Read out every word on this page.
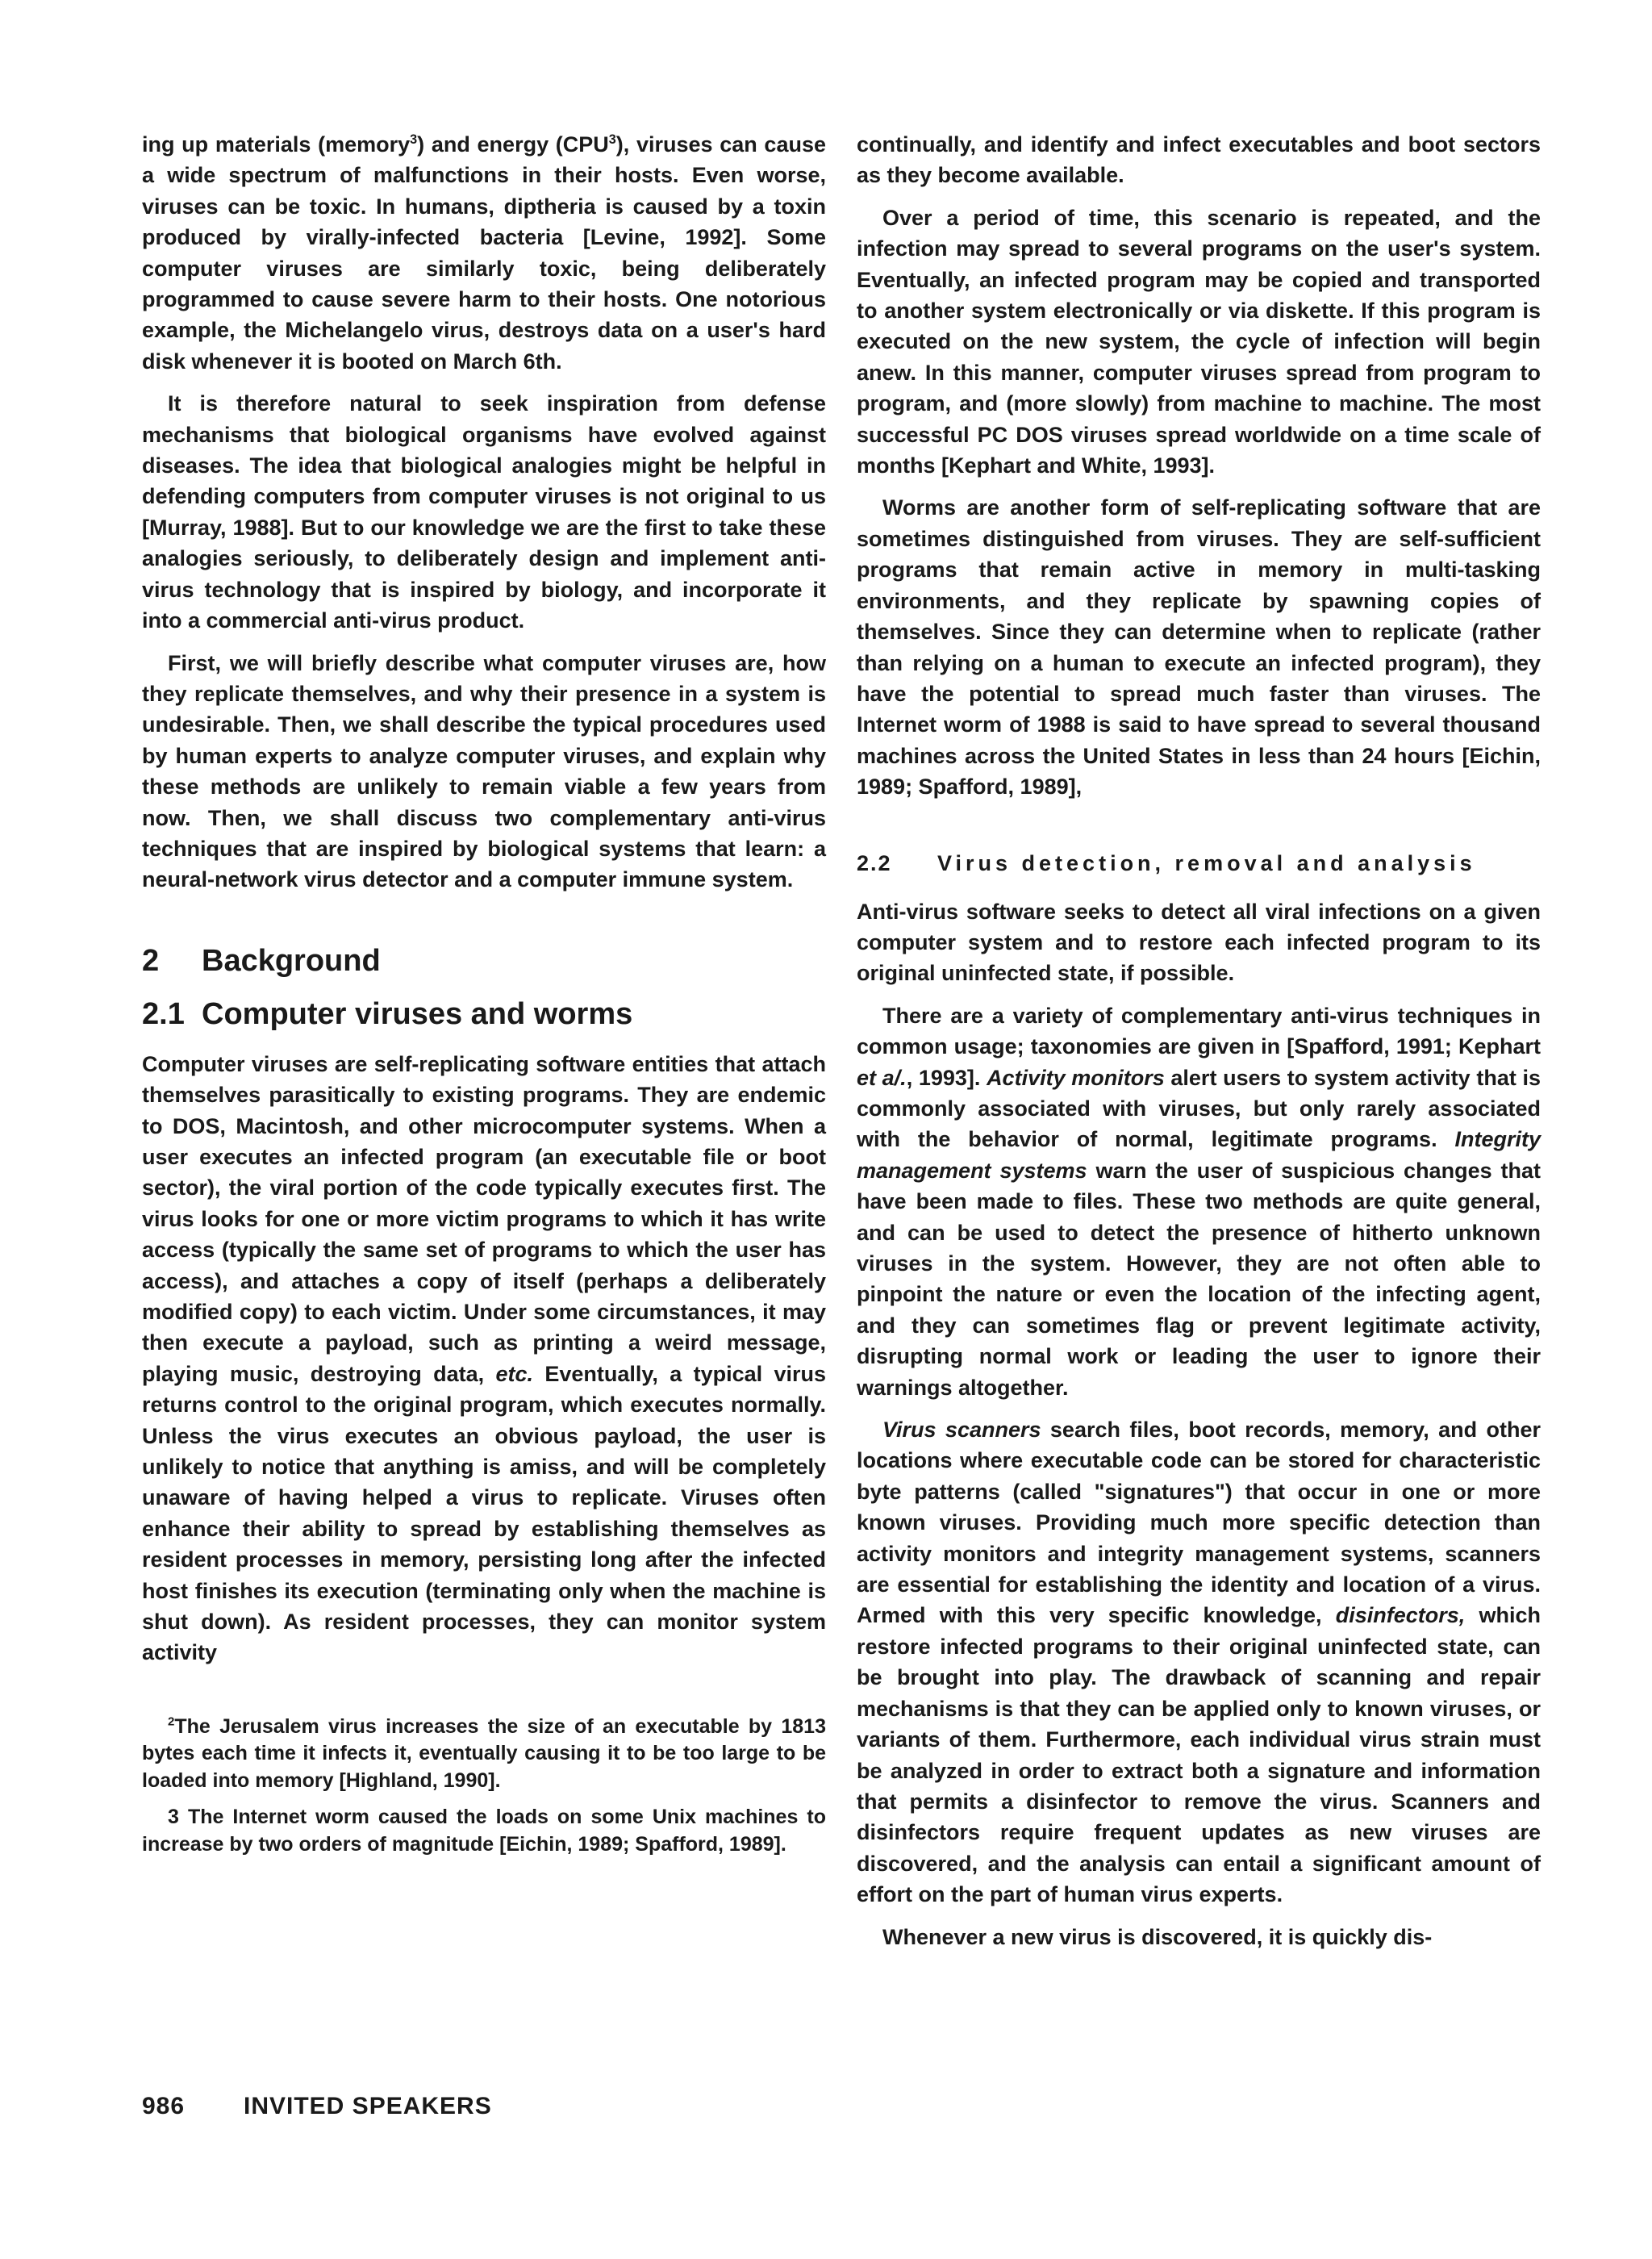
ing up materials (memory$^3$) and energy (CPU$^3$), viruses can cause a wide spectrum of malfunctions in their hosts. Even worse, viruses can be toxic. In humans, diptheria is caused by a toxin produced by virally-infected bacteria [Levine, 1992]. Some computer viruses are similarly toxic, being deliberately programmed to cause severe harm to their hosts. One notorious example, the Michelangelo virus, destroys data on a user's hard disk whenever it is booted on March 6th.

It is therefore natural to seek inspiration from defense mechanisms that biological organisms have evolved against diseases. The idea that biological analogies might be helpful in defending computers from computer viruses is not original to us [Murray, 1988]. But to our knowledge we are the first to take these analogies seriously, to deliberately design and implement anti-virus technology that is inspired by biology, and incorporate it into a commercial anti-virus product.

First, we will briefly describe what computer viruses are, how they replicate themselves, and why their presence in a system is undesirable. Then, we shall describe the typical procedures used by human experts to analyze computer viruses, and explain why these methods are unlikely to remain viable a few years from now. Then, we shall discuss two complementary anti-virus techniques that are inspired by biological systems that learn: a neural-network virus detector and a computer immune system.

2 Background
2.1 Computer viruses and worms

Computer viruses are self-replicating software entities that attach themselves parasitically to existing programs. They are endemic to DOS, Macintosh, and other microcomputer systems. When a user executes an infected program (an executable file or boot sector), the viral portion of the code typically executes first. The virus looks for one or more victim programs to which it has write access (typically the same set of programs to which the user has access), and attaches a copy of itself (perhaps a deliberately modified copy) to each victim. Under some circumstances, it may then execute a payload, such as printing a weird message, playing music, destroying data, etc. Eventually, a typical virus returns control to the original program, which executes normally. Unless the virus executes an obvious payload, the user is unlikely to notice that anything is amiss, and will be completely unaware of having helped a virus to replicate. Viruses often enhance their ability to spread by establishing themselves as resident processes in memory, persisting long after the infected host finishes its execution (terminating only when the machine is shut down). As resident processes, they can monitor system activity

$^2$The Jerusalem virus increases the size of an executable by 1813 bytes each time it infects it, eventually causing it to be too large to be loaded into memory [Highland, 1990].

3 The Internet worm caused the loads on some Unix machines to increase by two orders of magnitude [Eichin, 1989; Spafford, 1989].

continually, and identify and infect executables and boot sectors as they become available.

Over a period of time, this scenario is repeated, and the infection may spread to several programs on the user's system. Eventually, an infected program may be copied and transported to another system electronically or via diskette. If this program is executed on the new system, the cycle of infection will begin anew. In this manner, computer viruses spread from program to program, and (more slowly) from machine to machine. The most successful PC DOS viruses spread worldwide on a time scale of months [Kephart and White, 1993].

Worms are another form of self-replicating software that are sometimes distinguished from viruses. They are self-sufficient programs that remain active in memory in multi-tasking environments, and they replicate by spawning copies of themselves. Since they can determine when to replicate (rather than relying on a human to execute an infected program), they have the potential to spread much faster than viruses. The Internet worm of 1988 is said to have spread to several thousand machines across the United States in less than 24 hours [Eichin, 1989; Spafford, 1989],

2.2 Virus detection, removal and analysis

Anti-virus software seeks to detect all viral infections on a given computer system and to restore each infected program to its original uninfected state, if possible.

There are a variety of complementary anti-virus techniques in common usage; taxonomies are given in [Spafford, 1991; Kephart et a/., 1993]. Activity monitors alert users to system activity that is commonly associated with viruses, but only rarely associated with the behavior of normal, legitimate programs. Integrity management systems warn the user of suspicious changes that have been made to files. These two methods are quite general, and can be used to detect the presence of hitherto unknown viruses in the system. However, they are not often able to pinpoint the nature or even the location of the infecting agent, and they can sometimes flag or prevent legitimate activity, disrupting normal work or leading the user to ignore their warnings altogether.

Virus scanners search files, boot records, memory, and other locations where executable code can be stored for characteristic byte patterns (called "signatures") that occur in one or more known viruses. Providing much more specific detection than activity monitors and integrity management systems, scanners are essential for establishing the identity and location of a virus. Armed with this very specific knowledge, disinfectors, which restore infected programs to their original uninfected state, can be brought into play. The drawback of scanning and repair mechanisms is that they can be applied only to known viruses, or variants of them. Furthermore, each individual virus strain must be analyzed in order to extract both a signature and information that permits a disinfector to remove the virus. Scanners and disinfectors require frequent updates as new viruses are discovered, and the analysis can entail a significant amount of effort on the part of human virus experts.

Whenever a new virus is discovered, it is quickly dis-

986 INVITED SPEAKERS
